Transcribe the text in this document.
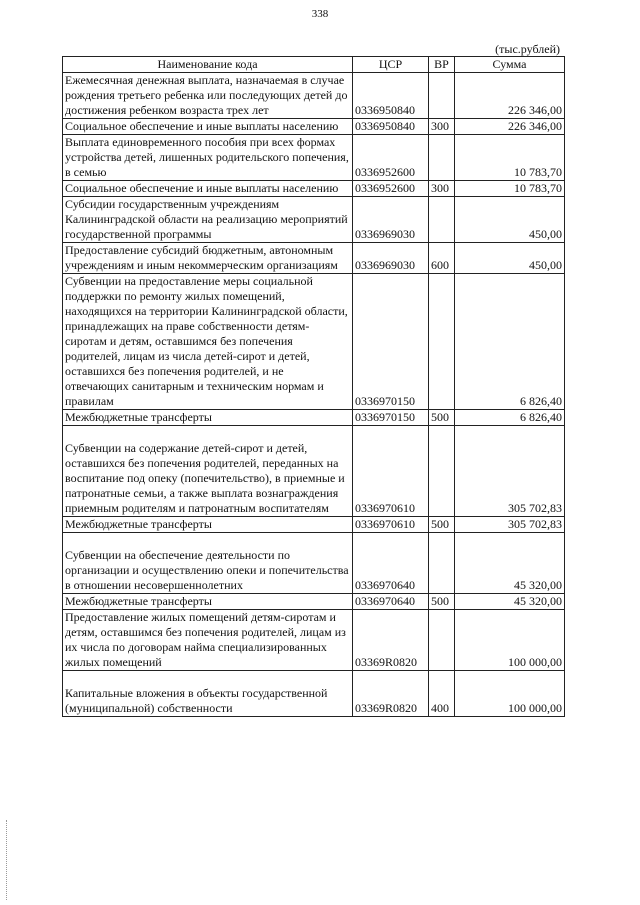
338
(тыс.рублей)
Наименование кода	ЦСР	ВР	Сумма
Ежемесячная денежная выплата, назначаемая в случае рождения третьего ребенка или последующих детей до достижения ребенком возраста трех лет	0336950840		226 346,00
Социальное обеспечение и иные выплаты населению	0336950840	300	226 346,00
Выплата единовременного пособия при всех формах устройства детей, лишенных родительского попечения, в семью	0336952600		10 783,70
Социальное обеспечение и иные выплаты населению	0336952600	300	10 783,70
Субсидии государственным учреждениям Калининградской области на реализацию мероприятий государственной программы	0336969030		450,00
Предоставление субсидий бюджетным, автономным учреждениям и иным некоммерческим организациям	0336969030	600	450,00
Субвенции на предоставление меры социальной поддержки по ремонту жилых помещений, находящихся на территории Калининградской области, принадлежащих на праве собственности детям-сиротам и детям, оставшимся без попечения родителей, лицам из числа детей-сирот и детей, оставшихся без попечения родителей, и не отвечающих санитарным и техническим нормам и правилам	0336970150		6 826,40
Межбюджетные трансферты	0336970150	500	6 826,40

Субвенции на содержание детей-сирот и детей, оставшихся без попечения родителей, переданных на воспитание под опеку (попечительство), в приемные и патронатные семьи, а также выплата вознаграждения приемным родителям и патронатным воспитателям	0336970610		305 702,83
Межбюджетные трансферты	0336970610	500	305 702,83

Субвенции на обеспечение деятельности по организации и осуществлению опеки и попечительства в отношении несовершеннолетних	0336970640		45 320,00
Межбюджетные трансферты	0336970640	500	45 320,00
Предоставление жилых помещений детям-сиротам и детям, оставшимся без попечения родителей, лицам из их числа по договорам найма специализированных жилых помещений	03369R0820		100 000,00

Капитальные вложения в объекты государственной (муниципальной) собственности	03369R0820	400	100 000,00
